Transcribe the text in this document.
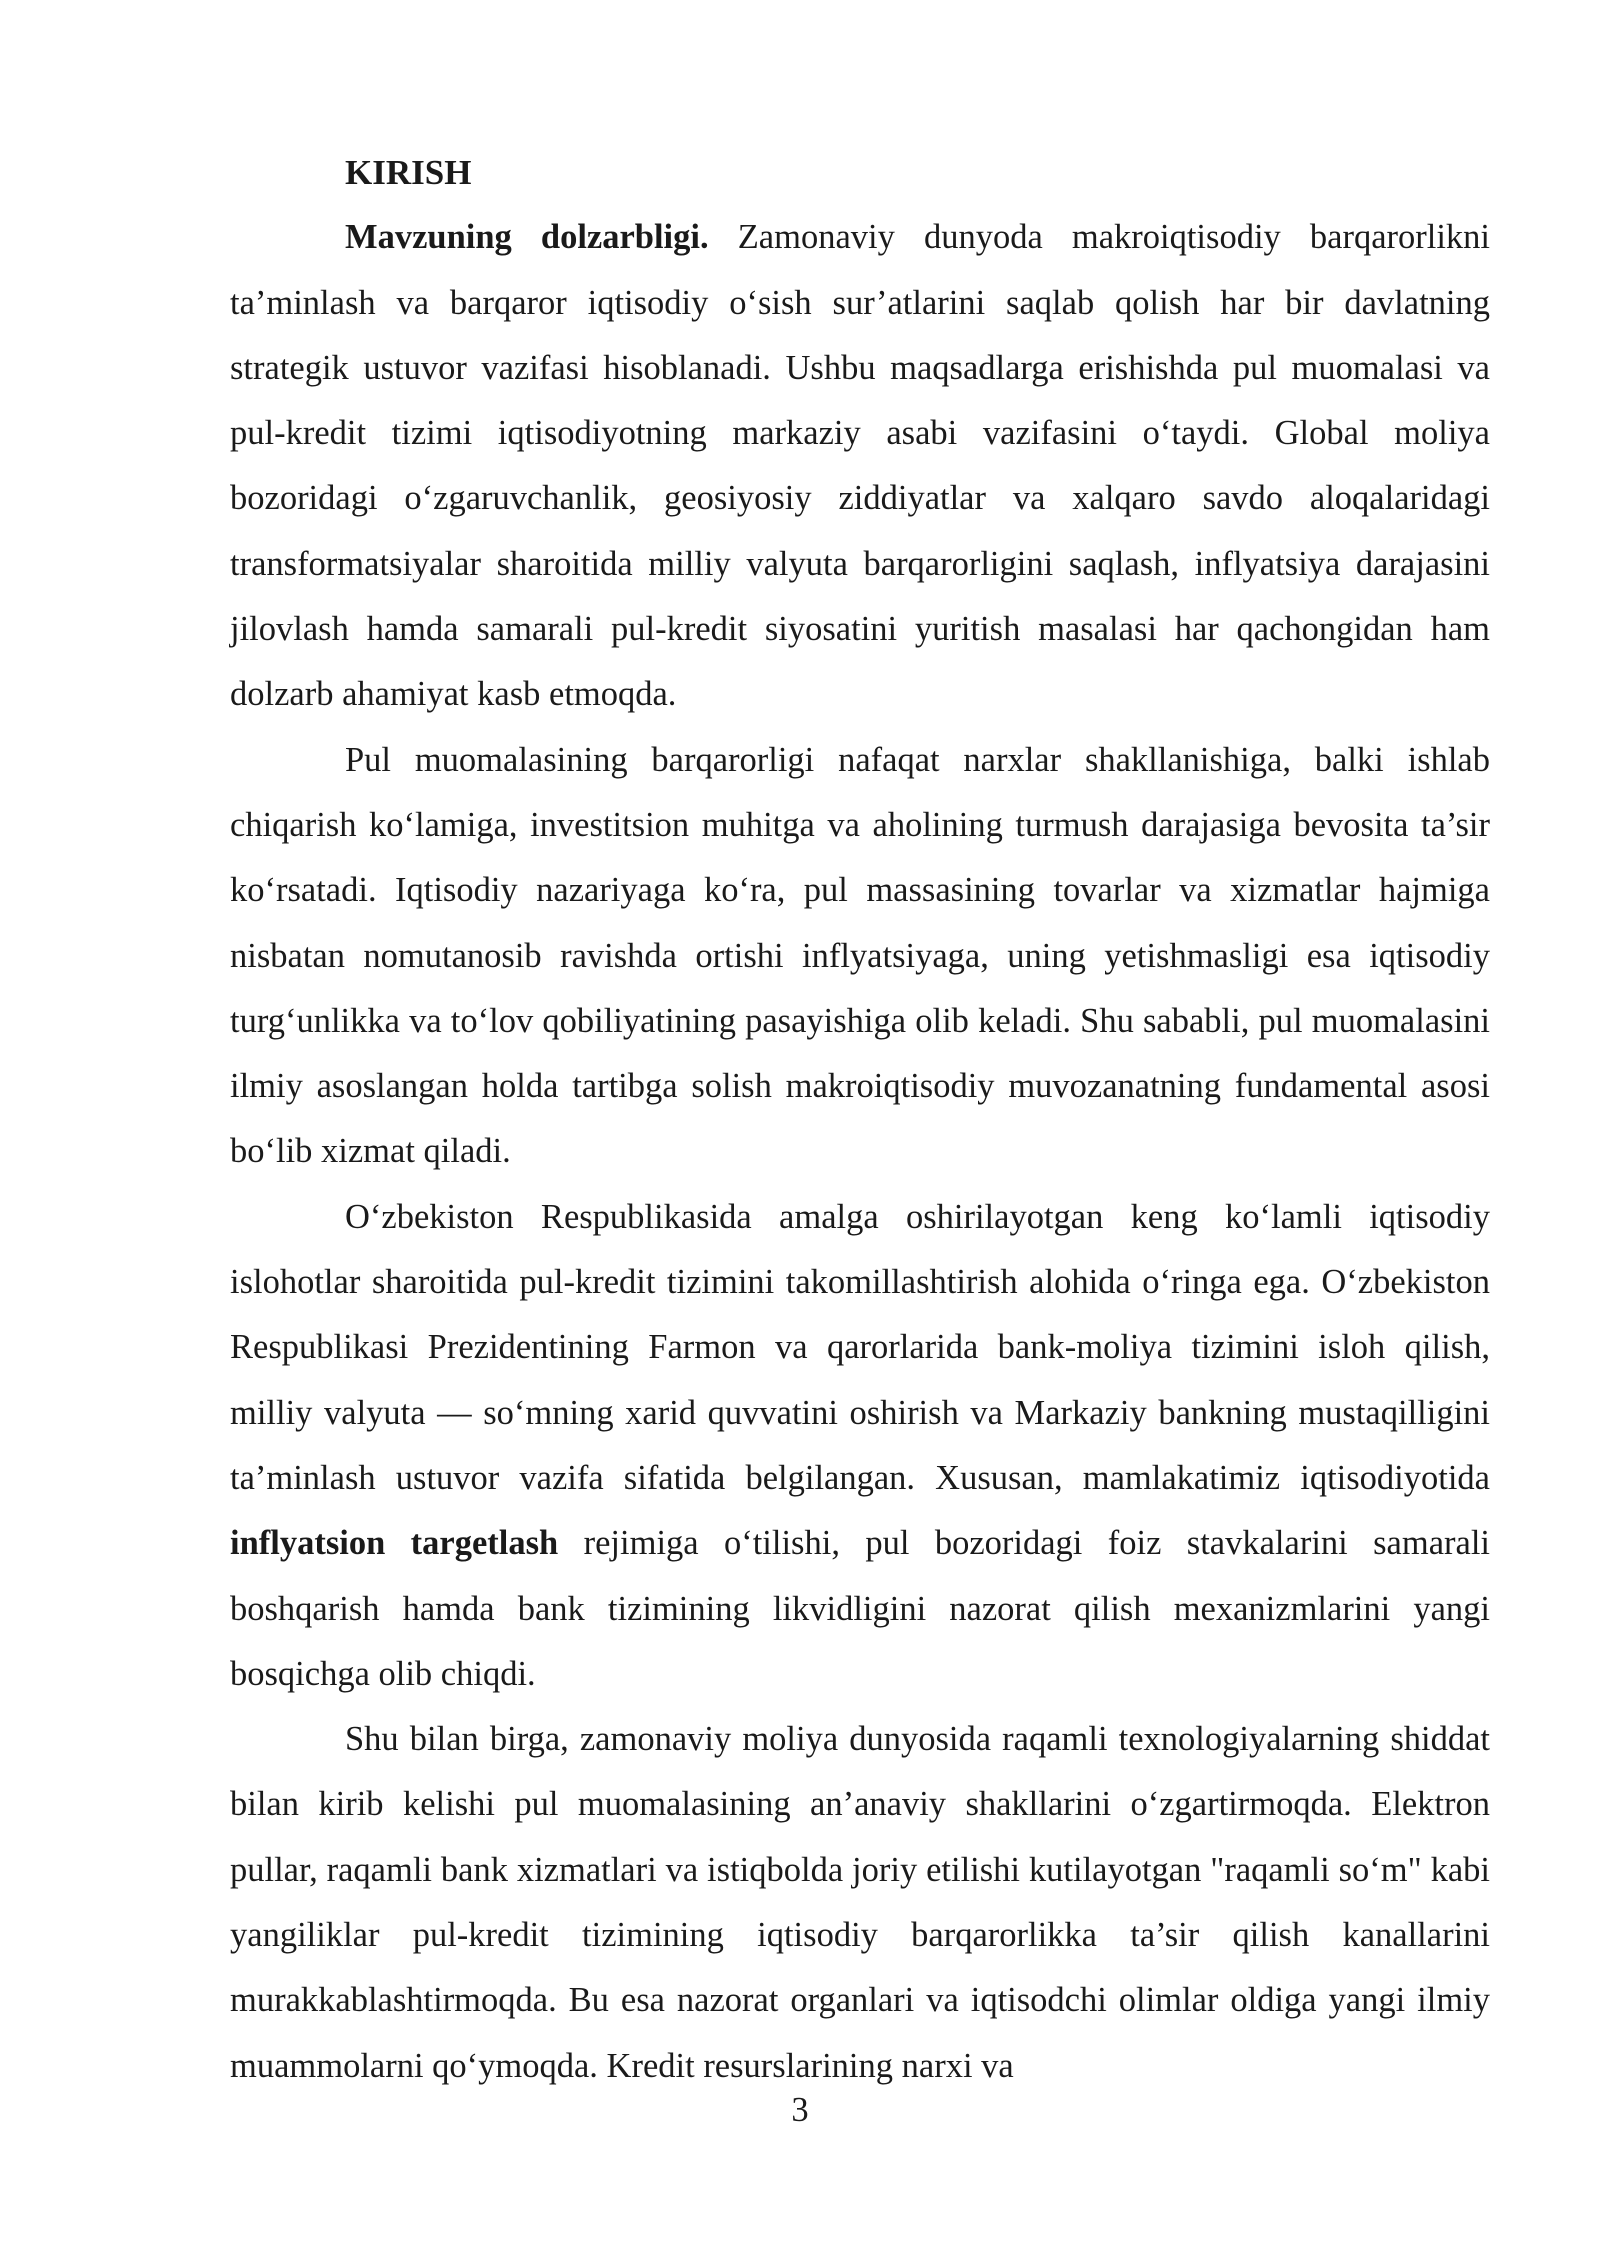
KIRISH

Mavzuning dolzarbligi. Zamonaviy dunyoda makroiqtisodiy barqarorlikni ta’minlash va barqaror iqtisodiy o‘sish sur’atlarini saqlab qolish har bir davlatning strategik ustuvor vazifasi hisoblanadi. Ushbu maqsadlarga erishishda pul muomalasi va pul-kredit tizimi iqtisodiyotning markaziy asabi vazifasini o‘taydi. Global moliya bozoridagi o‘zgaruvchanlik, geosiyosiy ziddiyatlar va xalqaro savdo aloqalaridagi transformatsiyalar sharoitida milliy valyuta barqarorligini saqlash, inflyatsiya darajasini jilovlash hamda samarali pul-kredit siyosatini yuritish masalasi har qachongidan ham dolzarb ahamiyat kasb etmoqda.

Pul muomalasining barqarorligi nafaqat narxlar shakllanishiga, balki ishlab chiqarish ko‘lamiga, investitsion muhitga va aholining turmush darajasiga bevosita ta’sir ko‘rsatadi. Iqtisodiy nazariyaga ko‘ra, pul massasining tovarlar va xizmatlar hajmiga nisbatan nomutanosib ravishda ortishi inflyatsiyaga, uning yetishmasligi esa iqtisodiy turg‘unlikka va to‘lov qobiliyatining pasayishiga olib keladi. Shu sababli, pul muomalasini ilmiy asoslangan holda tartibga solish makroiqtisodiy muvozanatning fundamental asosi bo‘lib xizmat qiladi.

O‘zbekiston Respublikasida amalga oshirilayotgan keng ko‘lamli iqtisodiy islohotlar sharoitida pul-kredit tizimini takomillashtirish alohida o‘ringa ega. O‘zbekiston Respublikasi Prezidentining Farmon va qarorlarida bank-moliya tizimini isloh qilish, milliy valyuta — so‘mning xarid quvvatini oshirish va Markaziy bankning mustaqilligini ta’minlash ustuvor vazifa sifatida belgilangan. Xususan, mamlakatimiz iqtisodiyotida inflyatsion targetlash rejimiga o‘tilishi, pul bozoridagi foiz stavkalarini samarali boshqarish hamda bank tizimining likvidligini nazorat qilish mexanizmlarini yangi bosqichga olib chiqdi.

Shu bilan birga, zamonaviy moliya dunyosida raqamli texnologiyalarning shiddat bilan kirib kelishi pul muomalasining an’anaviy shakllarini o‘zgartirmoqda. Elektron pullar, raqamli bank xizmatlari va istiqbolda joriy etilishi kutilayotgan "raqamli so‘m" kabi yangiliklar pul-kredit tizimining iqtisodiy barqarorlikka ta’sir qilish kanallarini murakkablashtirmoqda. Bu esa nazorat organlari va iqtisodchi olimlar oldiga yangi ilmiy muammolarni qo‘ymoqda. Kredit resurslarining narxi va

3
